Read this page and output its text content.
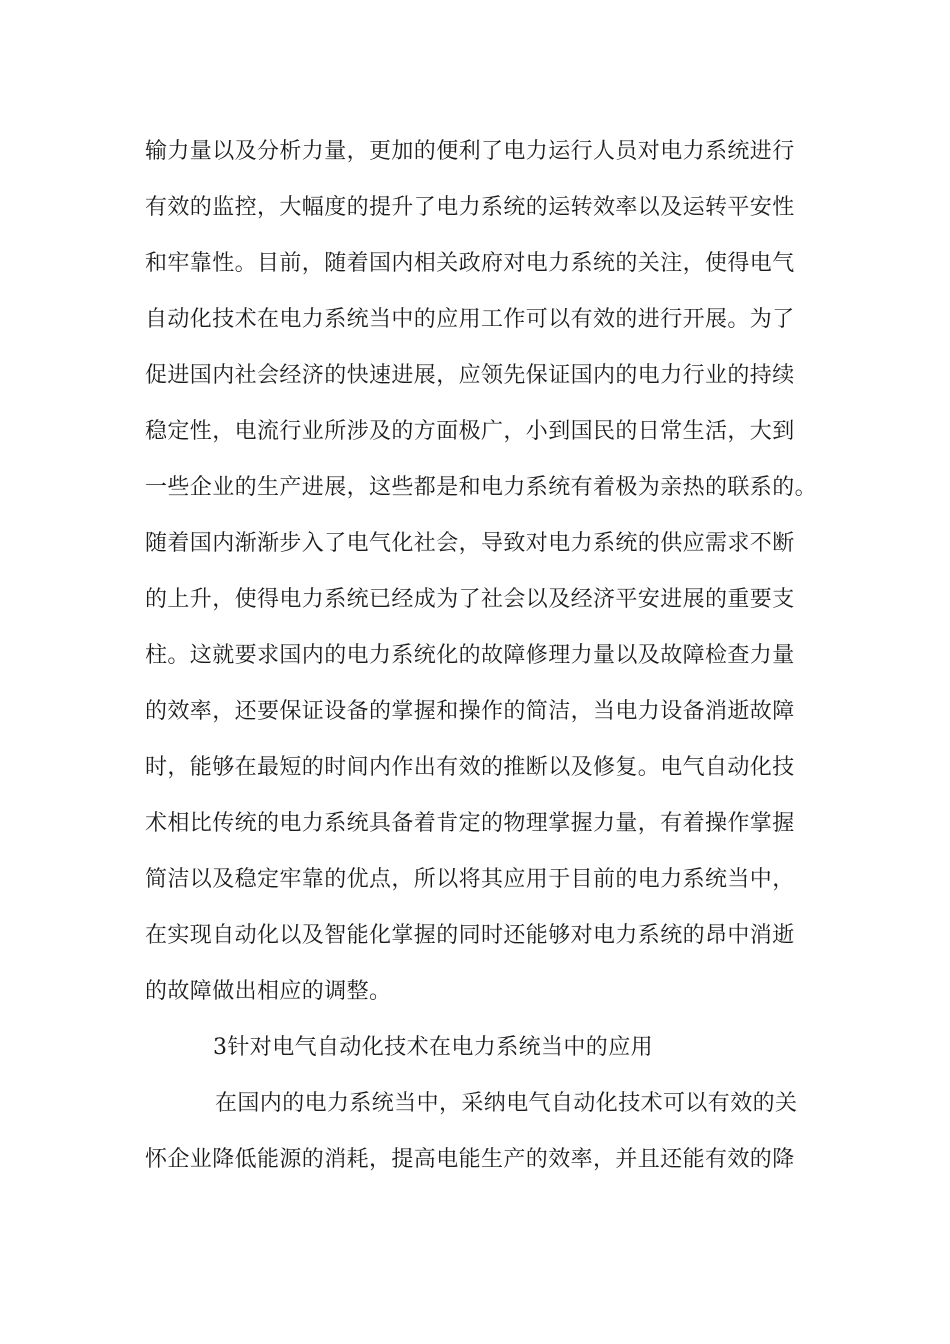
输力量以及分析力量，更加的便利了电力运行人员对电力系统进行
有效的监控，大幅度的提升了电力系统的运转效率以及运转平安性
和牢靠性。目前，随着国内相关政府对电力系统的关注，使得电气
自动化技术在电力系统当中的应用工作可以有效的进行开展。为了
促进国内社会经济的快速进展，应领先保证国内的电力行业的持续
稳定性，电流行业所涉及的方面极广，小到国民的日常生活，大到
一些企业的生产进展，这些都是和电力系统有着极为亲热的联系的。
随着国内渐渐步入了电气化社会，导致对电力系统的供应需求不断
的上升，使得电力系统已经成为了社会以及经济平安进展的重要支
柱。这就要求国内的电力系统化的故障修理力量以及故障检查力量
的效率，还要保证设备的掌握和操作的简洁，当电力设备消逝故障
时，能够在最短的时间内作出有效的推断以及修复。电气自动化技
术相比传统的电力系统具备着肯定的物理掌握力量，有着操作掌握
简洁以及稳定牢靠的优点，所以将其应用于目前的电力系统当中，
在实现自动化以及智能化掌握的同时还能够对电力系统的昂中消逝
的故障做出相应的调整。
3针对电气自动化技术在电力系统当中的应用
在国内的电力系统当中，采纳电气自动化技术可以有效的关
怀企业降低能源的消耗，提高电能生产的效率，并且还能有效的降
